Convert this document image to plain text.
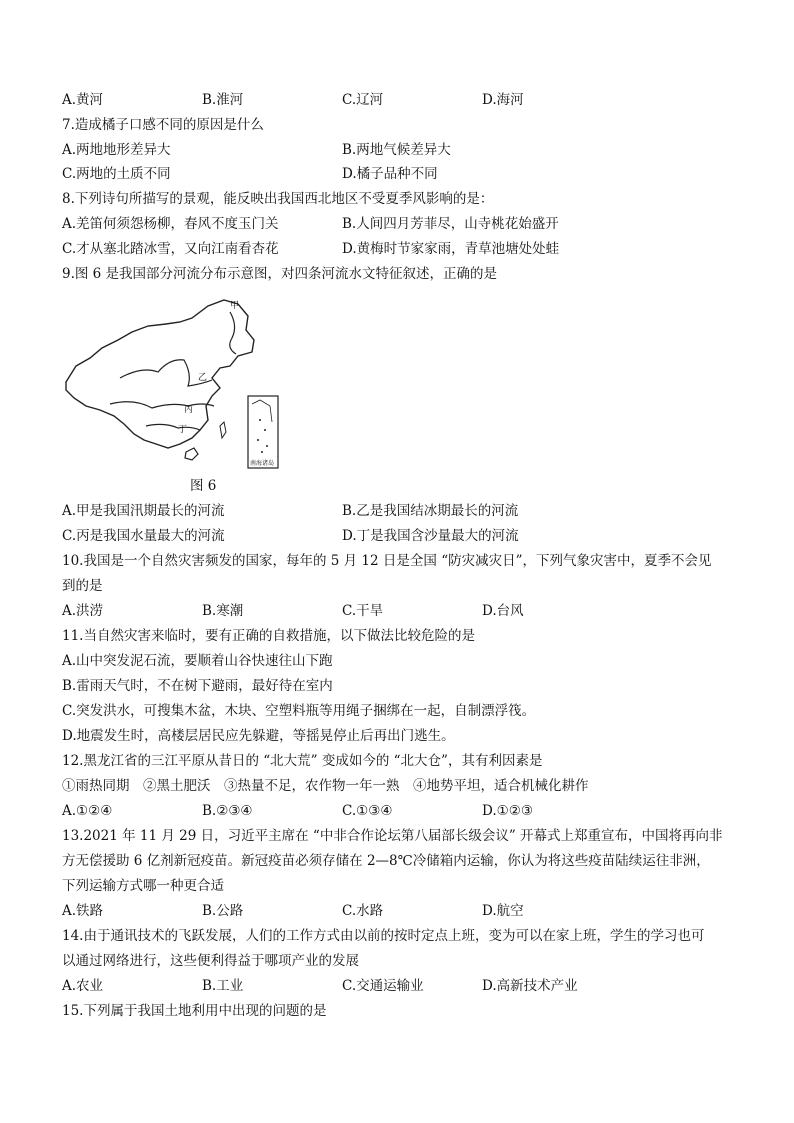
A.黄河	B.淮河	C.辽河	D.海河
7.造成橘子口感不同的原因是什么
A.两地地形差异大	B.两地气候差异大
C.两地的土质不同	D.橘子品种不同
8.下列诗句所描写的景观，能反映出我国西北地区不受夏季风影响的是：
A.羌笛何须怨杨柳，春风不度玉门关	B.人间四月芳菲尽，山寺桃花始盛开
C.才从塞北踏冰雪，又向江南看杏花	D.黄梅时节家家雨，青草池塘处处蛙
9.图 6 是我国部分河流分布示意图，对四条河流水文特征叙述，正确的是
甲
乙
丙
丁
南海诸岛
图 6
A.甲是我国汛期最长的河流	B.乙是我国结冰期最长的河流
C.丙是我国水量最大的河流	D.丁是我国含沙量最大的河流
10.我国是一个自然灾害频发的国家，每年的 5 月 12 日是全国 “防灾减灾日”，下列气象灾害中，夏季不会见
到的是
A.洪涝	B.寒潮	C.干旱	D.台风
11.当自然灾害来临时，要有正确的自救措施，以下做法比较危险的是
A.山中突发泥石流，要顺着山谷快速往山下跑
B.雷雨天气时，不在树下避雨，最好待在室内
C.突发洪水，可搜集木盆，木块、空塑料瓶等用绳子捆绑在一起，自制漂浮筏。
D.地震发生时，高楼层居民应先躲避，等摇晃停止后再出门逃生。
12.黑龙江省的三江平原从昔日的 “北大荒” 变成如今的 “北大仓”，其有利因素是
①雨热同期　②黑土肥沃　③热量不足，农作物一年一熟　④地势平坦，适合机械化耕作
A.①②④	B.②③④	C.①③④	D.①②③
13.2021 年 11 月 29 日，习近平主席在 “中非合作论坛第八届部长级会议” 开幕式上郑重宣布，中国将再向非
方无偿援助 6 亿剂新冠疫苗。新冠疫苗必须存储在 2—8℃冷储箱内运输，你认为将这些疫苗陆续运往非洲，
下列运输方式哪一种更合适
A.铁路	B.公路	C.水路	D.航空
14.由于通讯技术的飞跃发展，人们的工作方式由以前的按时定点上班，变为可以在家上班，学生的学习也可
以通过网络进行，这些便利得益于哪项产业的发展
A.农业	B.工业	C.交通运输业	D.高新技术产业
15.下列属于我国土地利用中出现的问题的是
